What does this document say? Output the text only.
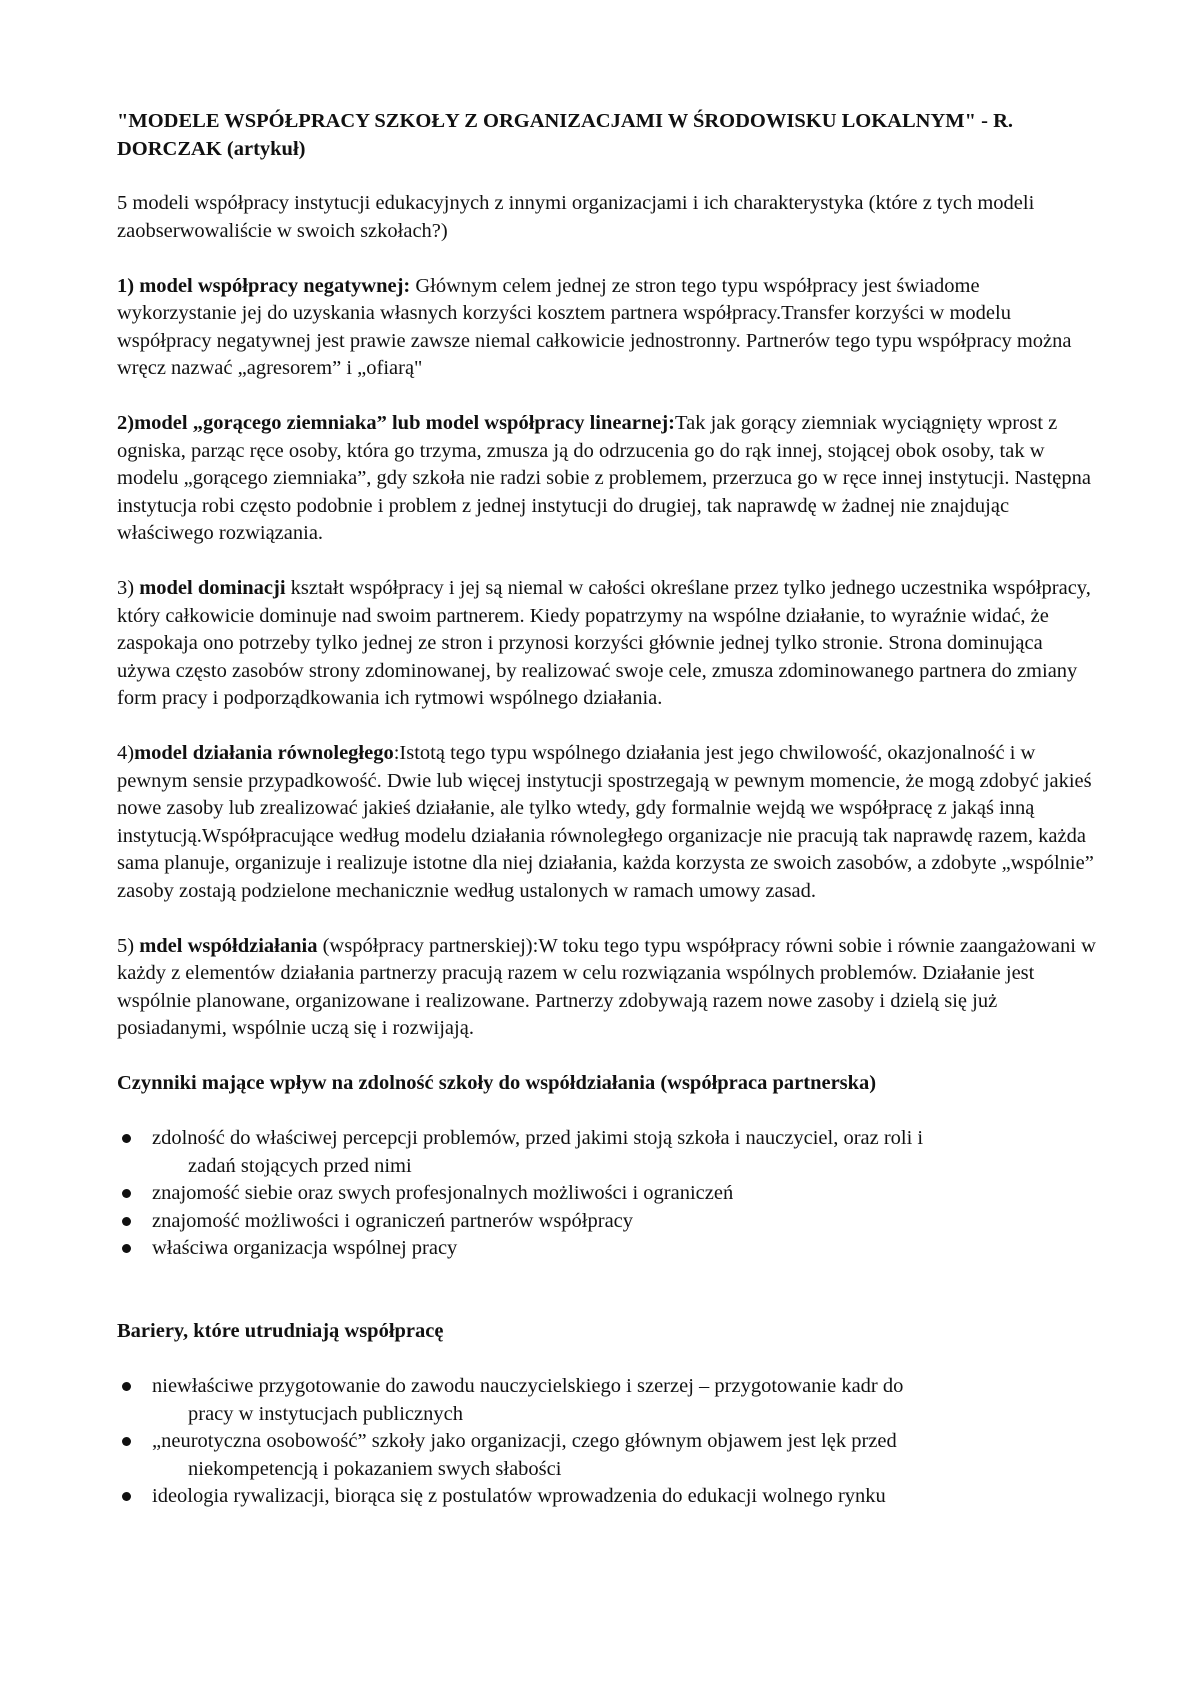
"MODELE WSPÓŁPRACY SZKOŁY Z ORGANIZACJAMI W ŚRODOWISKU LOKALNYM" - R. DORCZAK (artykuł)

5 modeli współpracy instytucji edukacyjnych z innymi organizacjami i ich charakterystyka (które z tych modeli zaobserwowaliście w swoich szkołach?)

1) model współpracy negatywnej: Głównym celem jednej ze stron tego typu współpracy jest świadome wykorzystanie jej do uzyskania własnych korzyści kosztem partnera współpracy.Transfer korzyści w modelu współpracy negatywnej jest prawie zawsze niemal całkowicie jednostronny. Partnerów tego typu współpracy można wręcz nazwać „agresorem” i „ofiarą"

2)model „gorącego ziemniaka” lub model współpracy linearnej:Tak jak gorący ziemniak wyciągnięty wprost z ogniska, parząc ręce osoby, która go trzyma, zmusza ją do odrzucenia go do rąk innej, stojącej obok osoby, tak w modelu „gorącego ziemniaka”, gdy szkoła nie radzi sobie z problemem, przerzuca go w ręce innej instytucji. Następna instytucja robi często podobnie i problem z jednej instytucji do drugiej, tak naprawdę w żadnej nie znajdując właściwego rozwiązania.

3) model dominacji kształt współpracy i jej są niemal w całości określane przez tylko jednego uczestnika współpracy, który całkowicie dominuje nad swoim partnerem. Kiedy popatrzymy na wspólne działanie, to wyraźnie widać, że zaspokaja ono potrzeby tylko jednej ze stron i przynosi korzyści głównie jednej tylko stronie. Strona dominująca używa często zasobów strony zdominowanej, by realizować swoje cele, zmusza zdominowanego partnera do zmiany form pracy i podporządkowania ich rytmowi wspólnego działania.

4)model działania równoległego:Istotą tego typu wspólnego działania jest jego chwilowość, okazjonalność i w pewnym sensie przypadkowość. Dwie lub więcej instytucji spostrzegają w pewnym momencie, że mogą zdobyć jakieś nowe zasoby lub zrealizować jakieś działanie, ale tylko wtedy, gdy formalnie wejdą we współpracę z jakąś inną instytucją.Współpracujące według modelu działania równoległego organizacje nie pracują tak naprawdę razem, każda sama planuje, organizuje i realizuje istotne dla niej działania, każda korzysta ze swoich zasobów, a zdobyte „wspólnie” zasoby zostają podzielone mechanicznie według ustalonych w ramach umowy zasad.

5) mdel współdziałania (współpracy partnerskiej):W toku tego typu współpracy równi sobie i równie zaangażowani w każdy z elementów działania partnerzy pracują razem w celu rozwiązania wspólnych problemów. Działanie jest wspólnie planowane, organizowane i realizowane. Partnerzy zdobywają razem nowe zasoby i dzielą się już posiadanymi, wspólnie uczą się i rozwijają.

Czynniki mające wpływ na zdolność szkoły do współdziałania (współpraca partnerska)
zdolność do właściwej percepcji problemów, przed jakimi stoją szkoła i nauczyciel, oraz roli i
zadań stojących przed nimi
znajomość siebie oraz swych profesjonalnych możliwości i ograniczeń
znajomość możliwości i ograniczeń partnerów współpracy
właściwa organizacja wspólnej pracy
Bariery, które utrudniają współpracę
niewłaściwe przygotowanie do zawodu nauczycielskiego i szerzej – przygotowanie kadr do
pracy w instytucjach publicznych
„neurotyczna osobowość” szkoły jako organizacji, czego głównym objawem jest lęk przed
niekompetencją i pokazaniem swych słabości
ideologia rywalizacji, biorąca się z postulatów wprowadzenia do edukacji wolnego rynku
